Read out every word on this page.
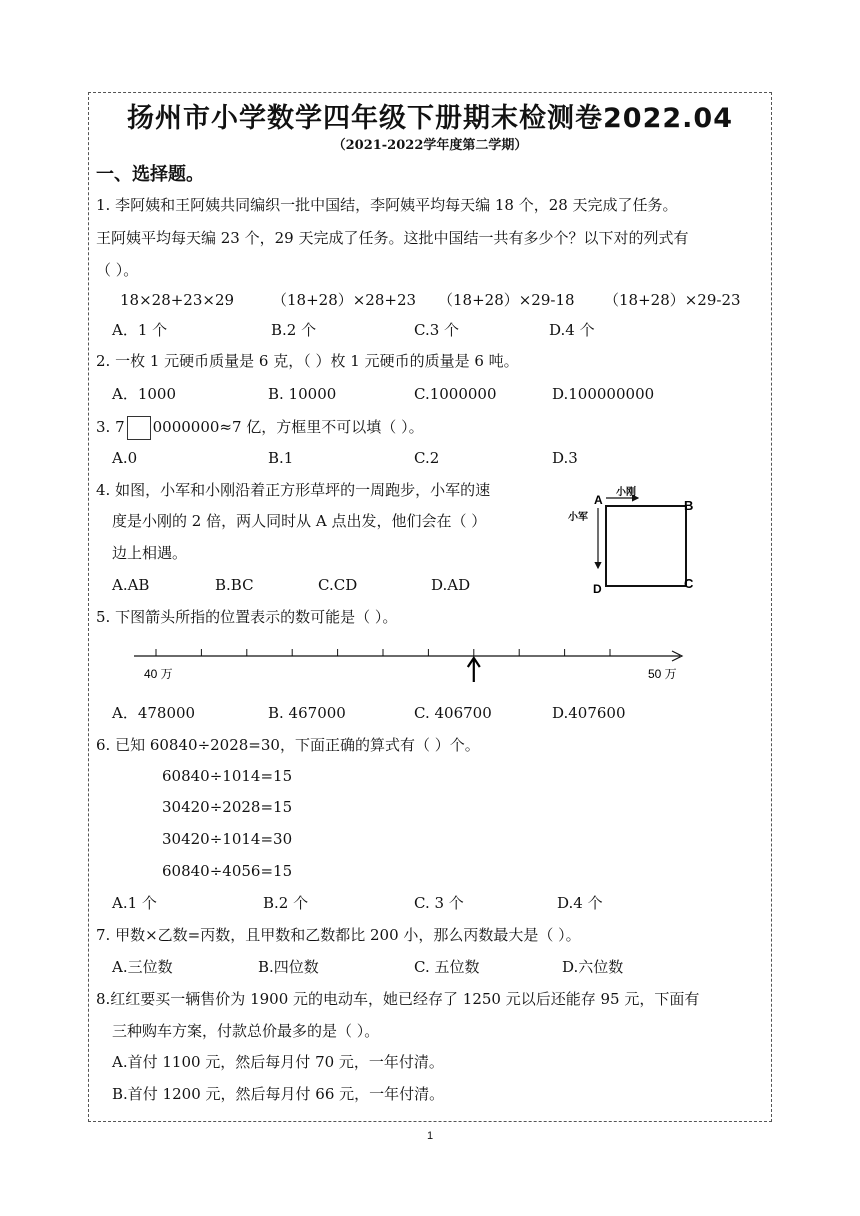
扬州市小学数学四年级下册期末检测卷2022.04
（2021-2022学年度第二学期）
一、选择题。
1. 李阿姨和王阿姨共同编织一批中国结，李阿姨平均每天编 18 个，28 天完成了任务。
王阿姨平均每天编 23 个，29 天完成了任务。这批中国结一共有多少个？以下对的列式有
（ ）。
18×28+23×29	（18+28）×28+23 （18+28）×29-18 （18+28）×29-23
A．1 个	B.2 个	C.3 个	D.4 个
2. 一枚 1 元硬币质量是 6 克，（ ）枚 1 元硬币的质量是 6 吨。
A．1000	B. 10000	C.1000000	D.100000000
3. 7 0000000≈7 亿，方框里不可以填（ ）。
A.0	B.1	C.2	D.3
4. 如图，小军和小刚沿着正方形草坪的一周跑步，小军的速
度是小刚的 2 倍，两人同时从 A 点出发，他们会在（ ）
边上相遇。
A.AB	B.BC	C.CD	D.AD
A	B
C
D
小刚
小军
5. 下图箭头所指的位置表示的数可能是（ ）。
40 万	50 万
A．478000	B. 467000	C. 406700	D.407600
6. 已知 60840÷2028=30，下面正确的算式有（ ）个。
60840÷1014=15
30420÷2028=15
30420÷1014=30
60840÷4056=15
A.1 个	B.2 个	C. 3 个	D.4 个
7. 甲数×乙数=丙数，且甲数和乙数都比 200 小，那么丙数最大是（ ）。
A.三位数	B.四位数	C. 五位数	D.六位数
8.红红要买一辆售价为 1900 元的电动车，她已经存了 1250 元以后还能存 95 元，下面有
三种购车方案，付款总价最多的是（ ）。
A.首付 1100 元，然后每月付 70 元，一年付清。
B.首付 1200 元，然后每月付 66 元，一年付清。
1
